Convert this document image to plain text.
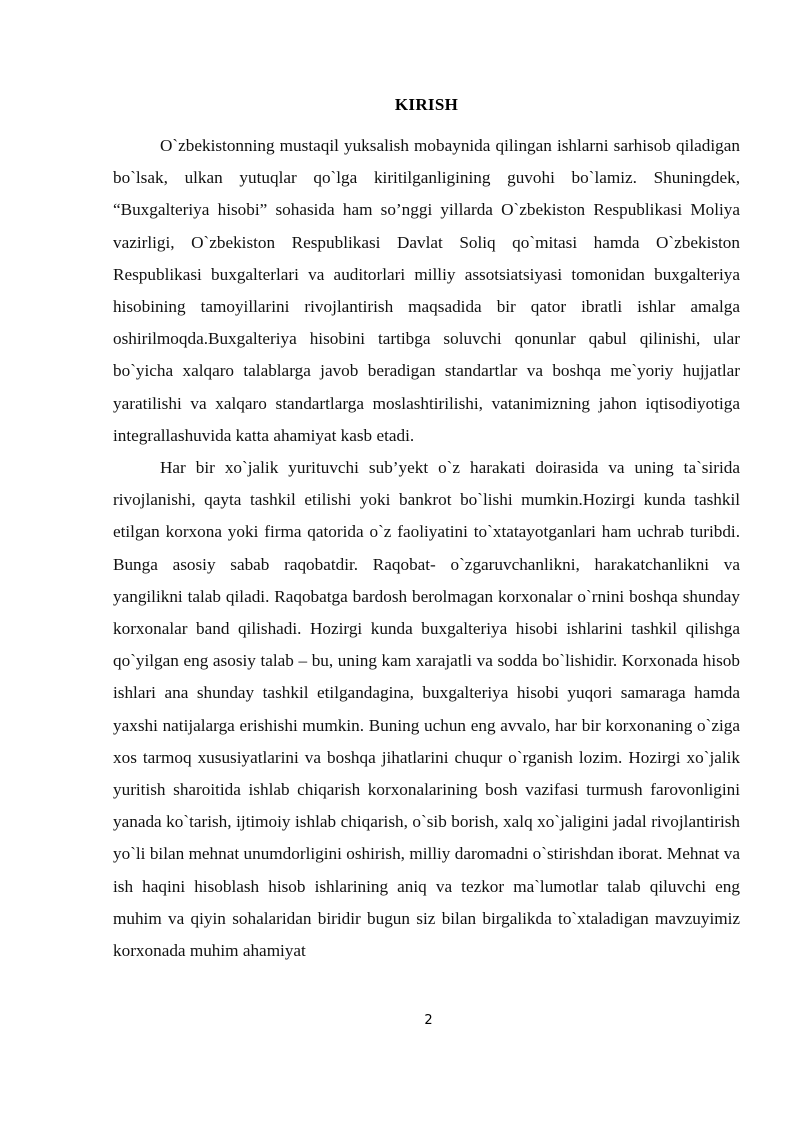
KIRISH

O`zbekistonning mustaqil yuksalish mobaynida qilingan ishlarni sarhisob qiladigan bo`lsak, ulkan yutuqlar qo`lga kiritilganligining guvohi bo`lamiz. Shuningdek, “Buxgalteriya hisobi” sohasida ham so’nggi yillarda O`zbekiston Respublikasi Moliya vazirligi, O`zbekiston Respublikasi Davlat Soliq qo`mitasi hamda O`zbekiston Respublikasi buxgalterlari va auditorlari milliy assotsiatsiyasi tomonidan buxgalteriya hisobining tamoyillarini rivojlantirish maqsadida bir qator ibratli ishlar amalga oshirilmoqda.Buxgalteriya hisobini tartibga soluvchi qonunlar qabul qilinishi, ular bo`yicha xalqaro talablarga javob beradigan standartlar va boshqa me`yoriy hujjatlar yaratilishi va xalqaro standartlarga moslashtirilishi, vatanimizning jahon iqtisodiyotiga integrallashuvida katta ahamiyat kasb etadi.

Har bir xo`jalik yurituvchi sub’yekt o`z harakati doirasida va uning ta`sirida rivojlanishi, qayta tashkil etilishi yoki bankrot bo`lishi mumkin.Hozirgi kunda tashkil etilgan korxona yoki firma qatorida o`z faoliyatini to`xtatayotganlari ham uchrab turibdi. Bunga asosiy sabab raqobatdir. Raqobat- o`zgaruvchanlikni, harakatchanlikni va yangilikni talab qiladi. Raqobatga bardosh berolmagan korxonalar o`rnini boshqa shunday korxonalar band qilishadi. Hozirgi kunda buxgalteriya hisobi ishlarini tashkil qilishga qo`yilgan eng asosiy talab – bu, uning kam xarajatli va sodda bo`lishidir. Korxonada hisob ishlari ana shunday tashkil etilgandagina, buxgalteriya hisobi yuqori samaraga hamda yaxshi natijalarga erishishi mumkin. Buning uchun eng avvalo, har bir korxonaning o`ziga xos tarmoq xususiyatlarini va boshqa jihatlarini chuqur o`rganish lozim. Hozirgi xo`jalik yuritish sharoitida ishlab chiqarish korxonalarining bosh vazifasi turmush farovonligini yanada ko`tarish, ijtimoiy ishlab chiqarish, o`sib borish, xalq xo`jaligini jadal rivojlantirish yo`li bilan mehnat unumdorligini oshirish, milliy daromadni o`stirishdan iborat. Mehnat va ish haqini hisoblash hisob ishlarining aniq va tezkor ma`lumotlar talab qiluvchi eng muhim va qiyin sohalaridan biridir bugun siz bilan birgalikda to`xtaladigan mavzuyimiz korxonada muhim ahamiyat

2
